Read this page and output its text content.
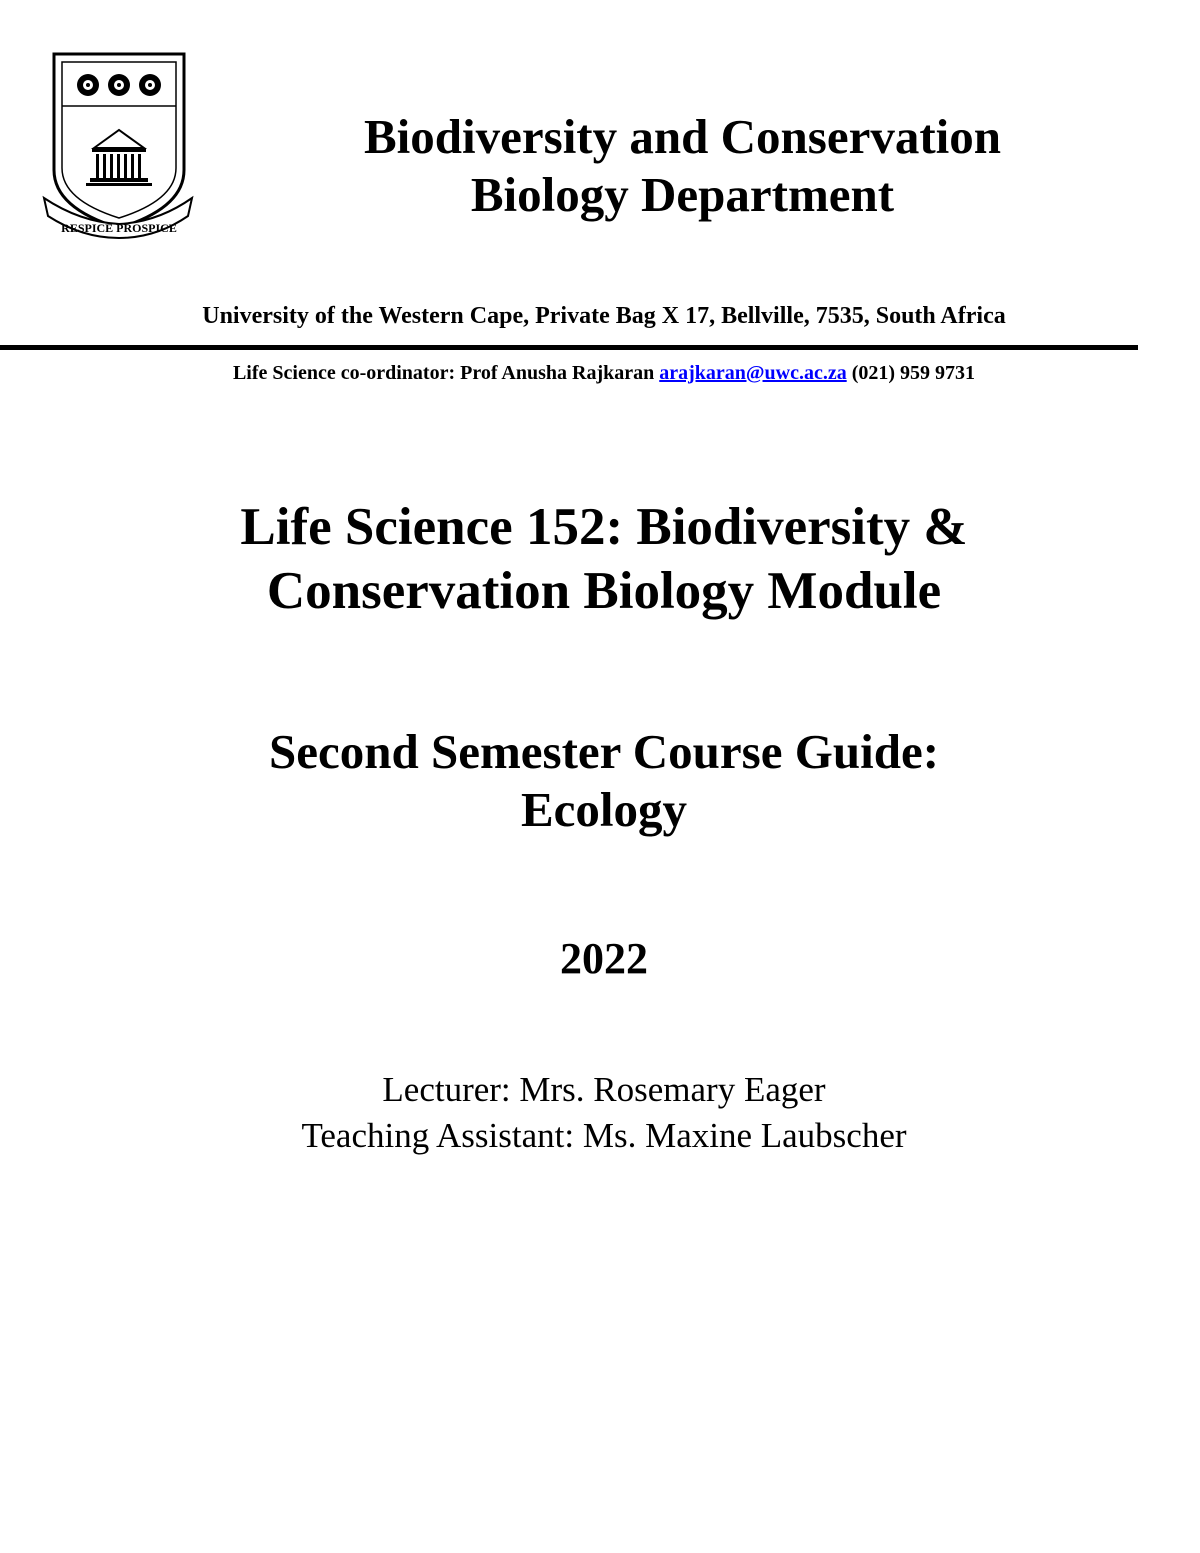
RESPICE PROSPICE
Biodiversity and Conservation
Biology Department
University of the Western Cape, Private Bag X 17, Bellville, 7535, South Africa
Life Science co-ordinator: Prof Anusha Rajkaran arajkaran@uwc.ac.za (021) 959 9731
Life Science 152: Biodiversity &
Conservation Biology Module
Second Semester Course Guide:
Ecology
2022
Lecturer: Mrs. Rosemary Eager
Teaching Assistant: Ms. Maxine Laubscher
